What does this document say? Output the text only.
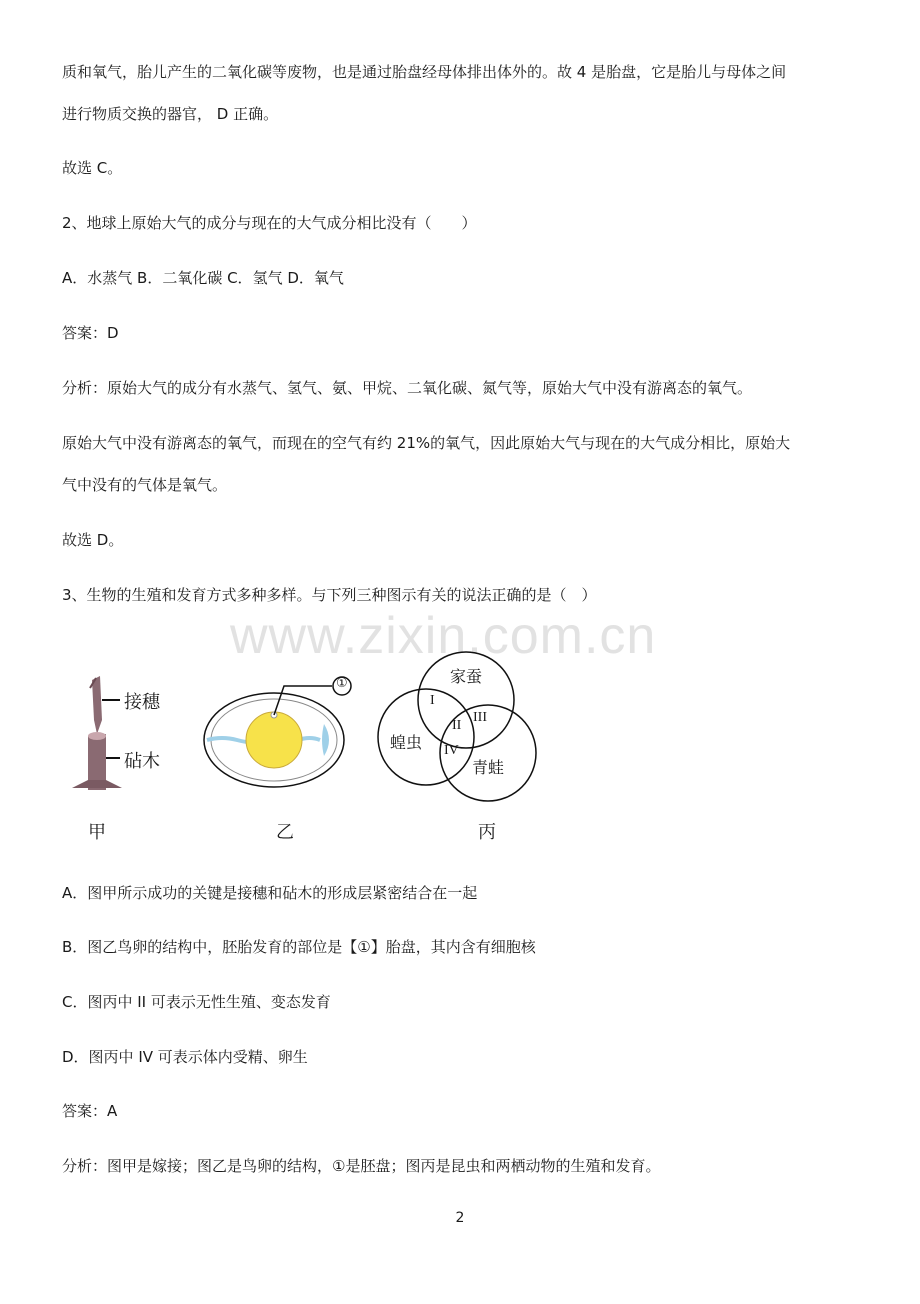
www.zixin.com.cn
质和氧气，胎儿产生的二氧化碳等废物，也是通过胎盘经母体排出体外的。故 4 是胎盘，它是胎儿与母体之间
进行物质交换的器官， D 正确。
故选 C。
2、地球上原始大气的成分与现在的大气成分相比没有（　　）
A．水蒸气 B．二氧化碳 C．氢气 D．氧气
答案：D
分析：原始大气的成分有水蒸气、氢气、氨、甲烷、二氧化碳、氮气等，原始大气中没有游离态的氧气。
原始大气中没有游离态的氧气，而现在的空气有约 21%的氧气，因此原始大气与现在的大气成分相比，原始大
气中没有的气体是氧气。
故选 D。
3、生物的生殖和发育方式多种多样。与下列三种图示有关的说法正确的是（　）
接穗
砧木
甲
①
乙
家蚕
蝗虫
青蛙
I
II
III
IV
丙
A．图甲所示成功的关键是接穗和砧木的形成层紧密结合在一起
B．图乙鸟卵的结构中，胚胎发育的部位是【①】胎盘，其内含有细胞核
C．图丙中 II 可表示无性生殖、变态发育
D．图丙中 IV 可表示体内受精、卵生
答案：A
分析：图甲是嫁接；图乙是鸟卵的结构，①是胚盘；图丙是昆虫和两栖动物的生殖和发育。
2
